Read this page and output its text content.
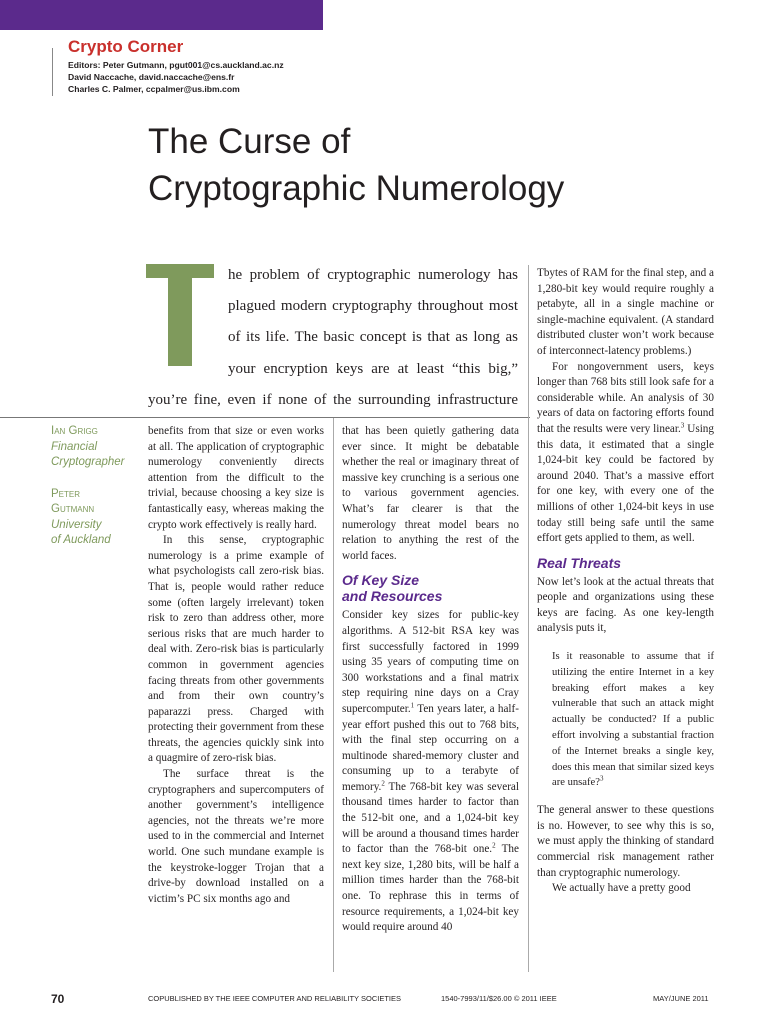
Crypto Corner
Editors: Peter Gutmann, pgut001@cs.auckland.ac.nz
David Naccache, david.naccache@ens.fr
Charles C. Palmer, ccpalmer@us.ibm.com
The Curse of
Cryptographic Numerology
he problem of cryptographic numerology has
plagued modern cryptography throughout most
of its life. The basic concept is that as long as
your encryption keys are at least “this big,”
you’re fine, even if none of the surrounding infrastructure
Ian Grigg
Financial
Cryptographer
Peter
Gutmann
University
of Auckland

benefits from that size or even works at all. The application of cryptographic numerology conveniently directs attention from the difficult to the trivial, because choosing a key size is fantastically easy, whereas making the crypto work effectively is really hard.

In this sense, cryptographic numerology is a prime example of what psychologists call zero-risk bias. That is, people would rather reduce some (often largely irrelevant) token risk to zero than address other, more serious risks that are much harder to deal with. Zero-risk bias is particularly common in government agencies facing threats from other governments and from their own country’s paparazzi press. Charged with protecting their government from these threats, the agencies quickly sink into a quagmire of zero-risk bias.

The surface threat is the cryptographers and supercomputers of another government’s intelligence agencies, not the threats we’re more used to in the commercial and Internet world. One such mundane example is the keystroke-logger Trojan that a drive-by download installed on a victim’s PC six months ago and

that has been quietly gathering data ever since. It might be debatable whether the real or imaginary threat of massive key crunching is a serious one to various government agencies. What’s far clearer is that the numerology threat model bears no relation to anything the rest of the world faces.

Of Key Size
and Resources

Consider key sizes for public-key algorithms. A 512-bit RSA key was first successfully factored in 1999 using 35 years of computing time on 300 workstations and a final matrix step requiring nine days on a Cray supercomputer.$^1$ Ten years later, a half-year effort pushed this out to 768 bits, with the final step occurring on a multinode shared-memory cluster and consuming up to a terabyte of memory.$^2$ The 768-bit key was several thousand times harder to factor than the 512-bit one, and a 1,024-bit key will be around a thousand times harder to factor than the 768-bit one.$^2$ The next key size, 1,280 bits, will be half a million times harder than the 768-bit one. To rephrase this in terms of resource requirements, a 1,024-bit key would require around 40

Tbytes of RAM for the final step, and a 1,280-bit key would require roughly a petabyte, all in a single machine or single-machine equivalent. (A standard distributed cluster won’t work because of interconnect-latency problems.)

For nongovernment users, keys longer than 768 bits still look safe for a considerable while. An analysis of 30 years of data on factoring efforts found that the results were very linear.$^3$ Using this data, it estimated that a single 1,024-bit key could be factored by around 2040. That’s a massive effort for one key, with every one of the millions of other 1,024-bit keys in use today still being safe until the same effort gets applied to them, as well.

Real Threats

Now let’s look at the actual threats that people and organizations using these keys are facing. As one key-length analysis puts it,

Is it reasonable to assume that if utilizing the entire Internet in a key breaking effort makes a key vulnerable that such an attack might actually be conducted? If a public effort involving a substantial fraction of the Internet breaks a single key, does this mean that similar sized keys are unsafe?$^3$

The general answer to these questions is no. However, to see why this is so, we must apply the thinking of standard commercial risk management rather than cryptographic numerology.

We actually have a pretty good

70	COPUBLISHED BY THE IEEE COMPUTER AND RELIABILITY SOCIETIES	1540-7993/11/$26.00 © 2011 IEEE	MAY/JUNE 2011
